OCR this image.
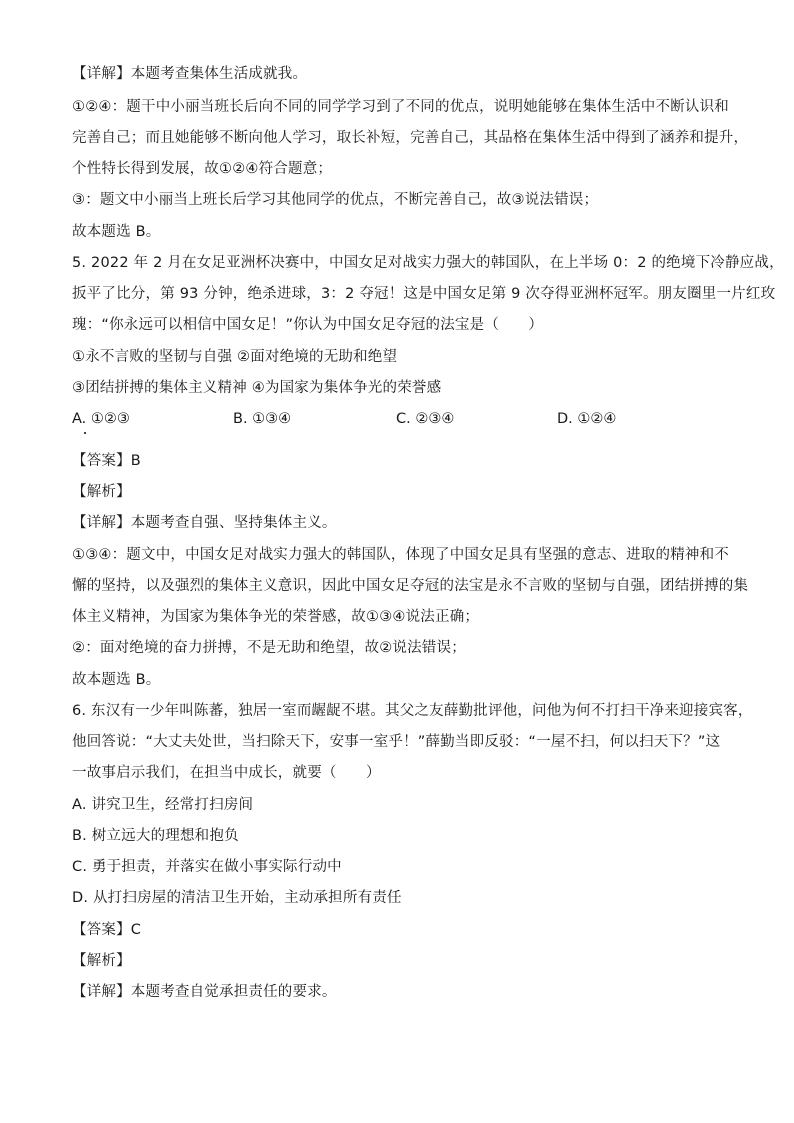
【详解】本题考查集体生活成就我。
①②④：题干中小丽当班长后向不同的同学学习到了不同的优点，说明她能够在集体生活中不断认识和
完善自己；而且她能够不断向他人学习，取长补短，完善自己，其品格在集体生活中得到了涵养和提升，
个性特长得到发展，故①②④符合题意；
③：题文中小丽当上班长后学习其他同学的优点，不断完善自己，故③说法错误；
故本题选 B。
5. 2022 年 2 月在女足亚洲杯决赛中，中国女足对战实力强大的韩国队，在上半场 0：2 的绝境下冷静应战，
扳平了比分，第 93 分钟，绝杀进球，3：2 夺冠！这是中国女足第 9 次夺得亚洲杯冠军。朋友圈里一片红玫
瑰：“你永远可以相信中国女足！”你认为中国女足夺冠的法宝是（　　）
①永不言败的坚韧与自强 ②面对绝境的无助和绝望
③团结拼搏的集体主义精神 ④为国家为集体争光的荣誉感
A. ①②③	B. ①③④	C. ②③④	D. ①②④
【答案】B
【解析】
【详解】本题考查自强、坚持集体主义。
①③④：题文中，中国女足对战实力强大的韩国队，体现了中国女足具有坚强的意志、进取的精神和不
懈的坚持，以及强烈的集体主义意识，因此中国女足夺冠的法宝是永不言败的坚韧与自强，团结拼搏的集
体主义精神，为国家为集体争光的荣誉感，故①③④说法正确；
②：面对绝境的奋力拼搏，不是无助和绝望，故②说法错误；
故本题选 B。
6. 东汉有一少年叫陈蕃，独居一室而龌龊不堪。其父之友薛勤批评他，问他为何不打扫干净来迎接宾客，
他回答说：“大丈夫处世，当扫除天下，安事一室乎！”薛勤当即反驳：“一屋不扫，何以扫天下？”这
一故事启示我们，在担当中成长，就要（　　）
A. 讲究卫生，经常打扫房间
B. 树立远大的理想和抱负
C. 勇于担责，并落实在做小事实际行动中
D. 从打扫房屋的清洁卫生开始，主动承担所有责任
【答案】C
【解析】
【详解】本题考查自觉承担责任的要求。
